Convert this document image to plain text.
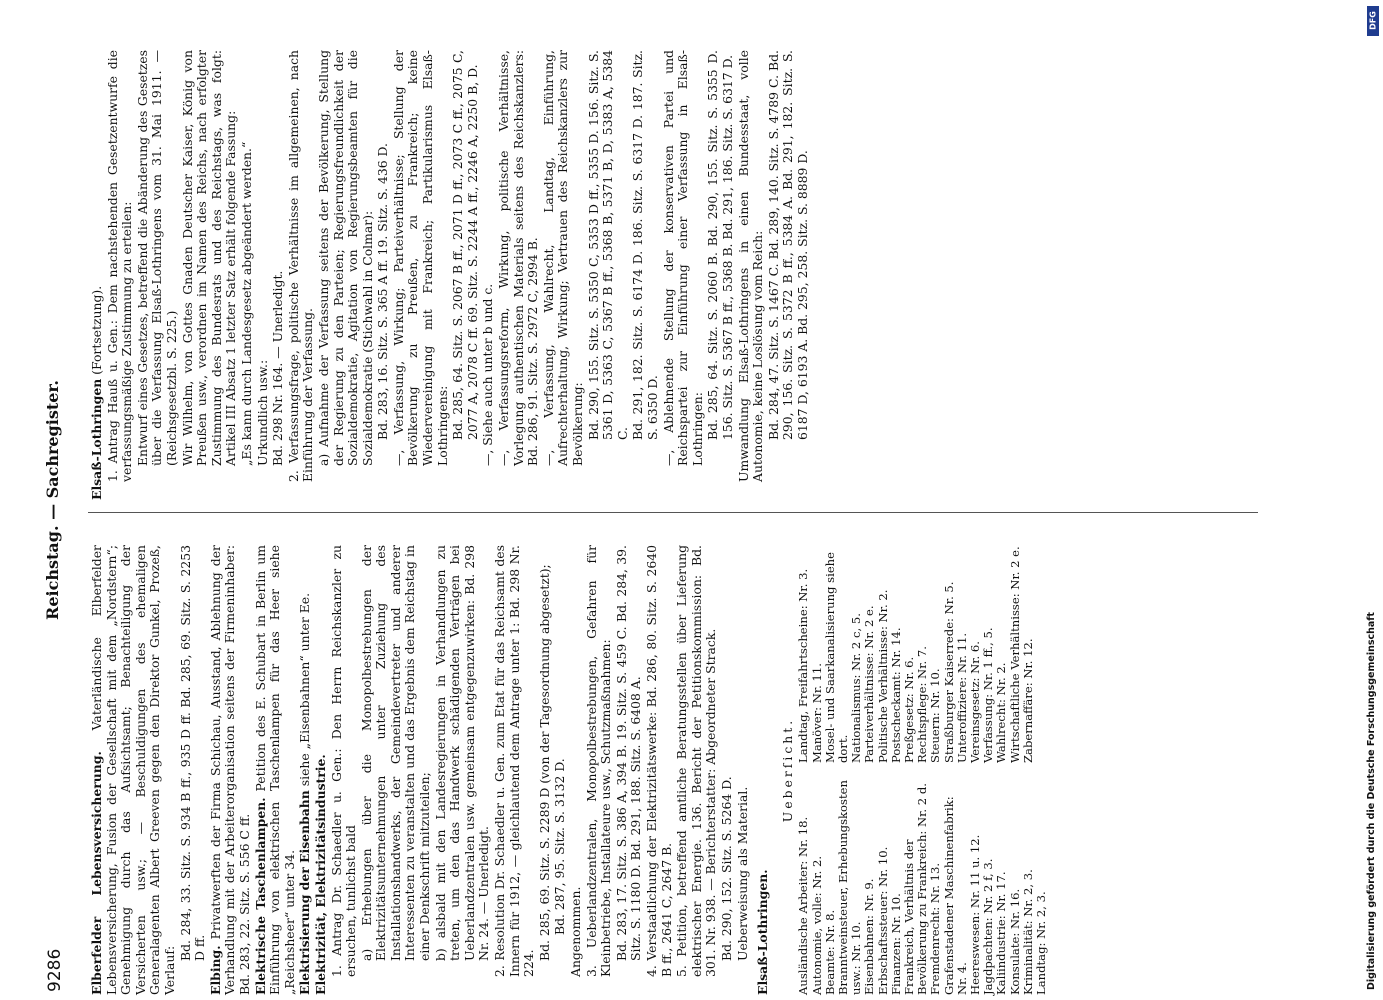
9286
Reichstag. — Sachregister.

Elberfelder Lebensversicherung. Vaterländische Elberfelder Lebensversicherung, Fusion der Gesellschaft mit dem „Nordstern“; Genehmigung durch das Aufsichtsamt; Benachteiligung der Versicherten usw.; — Beschuldigungen des ehemaligen Generalagenten Albert Greeven gegen den Direktor Gunkel, Prozeß, Verlauf:

Bd. 284, 33. Sitz. S. 934 B ff., 935 D ff. Bd. 285, 69. Sitz. S. 2253 D ff. Elbing. Privatwerften der Firma Schichau, Ausstand, Ablehnung der Verhandlung mit der Arbeiterorganisation seitens der Firmeninhaber: Bd. 283, 22. Sitz. S. 556 C ff. Elektrische Taschenlampen. Petition des E. Schubart in Berlin um Einführung von elektrischen Taschenlampen für das Heer siehe „Reichsheer“ unter 34. Elektrisierung der Eisenbahn siehe „Eisenbahnen“ unter Ee.

Elektrizität, Elektrizitätsindustrie. 1. Antrag Dr. Schaedler u. Gen.: Den Herrn Reichskanzler zu ersuchen, tunlichst bald a) Erhebungen über die Monopolbestrebungen der Elektrizitätsunternehmungen unter Zuziehung des Installationshandwerks, der Gemeindevertreter und anderer Interessenten zu veranstalten und das Ergebnis dem Reichstag in einer Denkschrift mitzuteilen; b) alsbald mit den Landesregierungen in Verhandlungen zu treten, um den das Handwerk schädigenden Verträgen bei Ueberlandzentralen usw. gemeinsam entgegenzuwirken: Bd. 298 Nr. 24. — Unerledigt. 2. Resolution Dr. Schaedler u. Gen. zum Etat für das Reichsamt des Innern für 1912, — gleichlautend dem Antrage unter 1: Bd. 298 Nr. 224.

Bd. 285, 69. Sitz. S. 2289 D (von der Tagesordnung abgesetzt); Bd. 287, 95. Sitz. S. 3132 D. Angenommen. 3. Ueberlandzentralen, Monopolbestrebungen, Gefahren für Kleinbetriebe, Installateure usw., Schutzmaßnahmen: Bd. 283, 17. Sitz. S. 386 A, 394 B. 19. Sitz. S. 459 C. Bd. 284, 39. Sitz. S. 1180 D. Bd. 291, 188. Sitz. S. 6408 A. 4. Verstaatlichung der Elektrizitätswerke: Bd. 286, 80. Sitz. S. 2640 B ff., 2641 C, 2647 B. 5. Petition, betreffend amtliche Beratungsstellen über Lieferung elektrischer Energie. 136. Bericht der Petitionskommission: Bd. 301. Nr. 938. — Berichterstatter: Abgeordneter Strack. Bd. 290, 152. Sitz. S. 5264 D. Ueberweisung als Material. Elsaß-Lothringen.

Ueberſicht.

Ausländische Arbeiter: Nr. 18. Autonomie, volle: Nr. 2. Beamte: Nr. 8. Branntweinsteuer, Erhebungskosten usw.: Nr. 10. Eisenbahnen: Nr. 9. Erbschaftssteuer: Nr. 10. Finanzen: Nr. 10. Frankreich, Verhältnis der Bevölkerung zu Frankreich: Nr. 2 d. Fremdenrecht: Nr. 13. Grafenstadener Maschinenfabrik: Nr. 4. Heereswesen: Nr. 11 u. 12. Jagdpachten: Nr. 2 f, 3. Kaliindustrie: Nr. 17. Konsulate: Nr. 16. Kriminalität: Nr. 2, 3. Landtag: Nr. 2, 3.
Landtag, Freifahrtscheine: Nr. 3. Manöver: Nr. 11. Mosel- und Saarkanalisierung siehe dort. Nationalismus: Nr. 2 c, 5. Parteiverhältnisse: Nr. 2 e. Politische Verhältnisse: Nr. 2. Postscheckamt: Nr. 14. Preßgesetz: Nr. 6. Rechtspflege: Nr. 7. Steuern: Nr. 10. Straßburger Kaiserrede: Nr. 5. Unteroffiziere: Nr. 11. Vereinsgesetz: Nr. 6. Verfassung: Nr. 1 ff., 5. Wahlrecht: Nr. 2. Wirtschaftliche Verhältnisse: Nr. 2 e. Zabernaffäre: Nr. 12.

Elsaß-Lothringen (Fortsetzung). 1. Antrag Hauß u. Gen.: Dem nachstehenden Gesetzentwurfe die verfassungsmäßige Zustimmung zu erteilen: Entwurf eines Gesetzes, betreffend die Abänderung des Gesetzes über die Verfassung Elsaß-Lothringens vom 31. Mai 1911. — (Reichsgesetzbl. S. 225.) Wir Wilhelm, von Gottes Gnaden Deutscher Kaiser, König von Preußen usw., verordnen im Namen des Reichs, nach erfolgter Zustimmung des Bundesrats und des Reichstags, was folgt: Artikel III Absatz 1 letzter Satz erhält folgende Fassung: „Es kann durch Landesgesetz abgeändert werden.“ Urkundlich usw.: Bd. 298 Nr. 164. — Unerledigt. 2. Verfassungsfrage, politische Verhältnisse im allgemeinen, nach Einführung der Verfassung. a) Aufnahme der Verfassung seitens der Bevölkerung, Stellung der Regierung zu den Parteien; Regierungsfreundlichkeit der Sozialdemokratie, Agitation von Regierungsbeamten für die Sozialdemokratie (Stichwahl in Colmar): Bd. 283, 16. Sitz. S. 365 A ff. 19. Sitz. S. 436 D. —, Verfassung, Wirkung; Parteiverhältnisse; Stellung der Bevölkerung zu Preußen, zu Frankreich; keine Wiedervereinigung mit Frankreich; Partikularismus Elsaß-Lothringens: Bd. 285, 64. Sitz. S. 2067 B ff., 2071 D ff., 2073 C ff., 2075 C, 2077 A, 2078 C ff. 69. Sitz. S. 2244 A ff., 2246 A, 2250 B, D. —, Siehe auch unter b und c. —, Verfassungsreform, Wirkung, politische Verhältnisse, Vorlegung authentischen Materials seitens des Reichskanzlers: Bd. 286, 91. Sitz. S. 2972 C, 2994 B. —, Verfassung, Wahlrecht, Landtag, Einführung, Aufrechterhaltung, Wirkung; Vertrauen des Reichskanzlers zur Bevölkerung: Bd. 290, 155. Sitz. S. 5350 C, 5353 D ff., 5355 D. 156. Sitz. S. 5361 D, 5363 C, 5367 B ff., 5368 B, 5371 B, D, 5383 A, 5384 C. Bd. 291, 182. Sitz. S. 6174 D. 186. Sitz. S. 6317 D. 187. Sitz. S. 6350 D. —, Ablehnende Stellung der konservativen Partei und Reichspartei zur Einführung einer Verfassung in Elsaß-Lothringen: Bd. 285, 64. Sitz. S. 2060 B. Bd. 290, 155. Sitz. S. 5355 D. 156. Sitz. S. 5367 B ff., 5368 B. Bd. 291, 186. Sitz. S. 6317 D. Umwandlung Elsaß-Lothringens in einen Bundesstaat, volle Autonomie, keine Loslösung vom Reich: Bd. 284, 47. Sitz. S. 1467 C. Bd. 289, 140. Sitz. S. 4789 C. Bd. 290, 156. Sitz. S. 5372 B ff., 5384 A. Bd. 291, 182. Sitz. S. 6187 D, 6193 A. Bd. 295, 258. Sitz. S. 8889 D.

DFG
Digitalisierung gefördert durch die Deutsche Forschungsgemeinschaft
